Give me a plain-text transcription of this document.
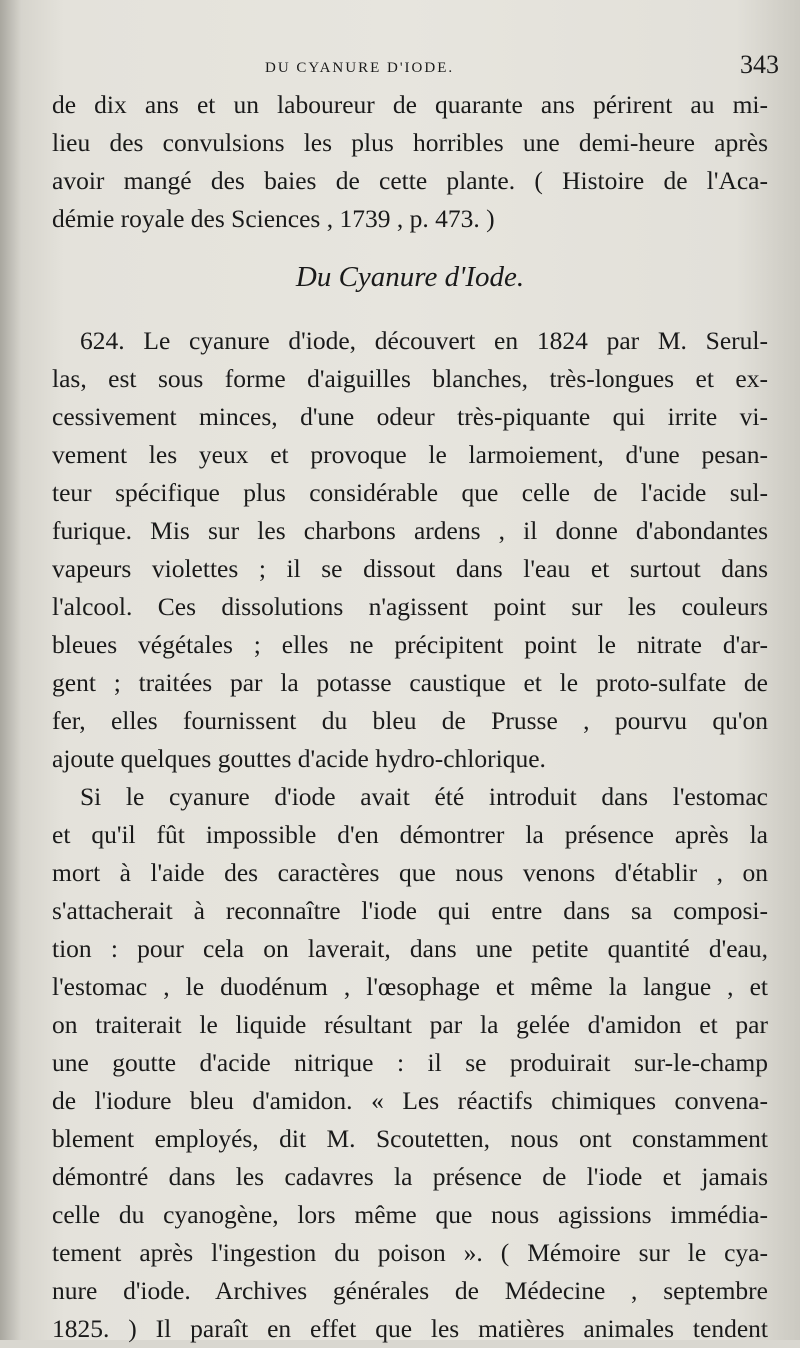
DU CYANURE D'IODE.	343
de dix ans et un laboureur de quarante ans périrent au mi-
lieu des convulsions les plus horribles une demi-heure après
avoir mangé des baies de cette plante. ( Histoire de l'Aca-
démie royale des Sciences , 1739 , p. 473. )
Du Cyanure d'Iode.
624. Le cyanure d'iode, découvert en 1824 par M. Serul-
las, est sous forme d'aiguilles blanches, très-longues et ex-
cessivement minces, d'une odeur très-piquante qui irrite vi-
vement les yeux et provoque le larmoiement, d'une pesan-
teur spécifique plus considérable que celle de l'acide sul-
furique. Mis sur les charbons ardens , il donne d'abondantes
vapeurs violettes ; il se dissout dans l'eau et surtout dans
l'alcool. Ces dissolutions n'agissent point sur les couleurs
bleues végétales ; elles ne précipitent point le nitrate d'ar-
gent ; traitées par la potasse caustique et le proto-sulfate de
fer, elles fournissent du bleu de Prusse , pourvu qu'on
ajoute quelques gouttes d'acide hydro-chlorique.
Si le cyanure d'iode avait été introduit dans l'estomac
et qu'il fût impossible d'en démontrer la présence après la
mort à l'aide des caractères que nous venons d'établir , on
s'attacherait à reconnaître l'iode qui entre dans sa composi-
tion : pour cela on laverait, dans une petite quantité d'eau,
l'estomac , le duodénum , l'œsophage et même la langue , et
on traiterait le liquide résultant par la gelée d'amidon et par
une goutte d'acide nitrique : il se produirait sur-le-champ
de l'iodure bleu d'amidon. « Les réactifs chimiques convena-
blement employés, dit M. Scoutetten, nous ont constamment
démontré dans les cadavres la présence de l'iode et jamais
celle du cyanogène, lors même que nous agissions immédia-
tement après l'ingestion du poison ». ( Mémoire sur le cya-
nure d'iode. Archives générales de Médecine , septembre
1825. ) Il paraît en effet que les matières animales tendent
